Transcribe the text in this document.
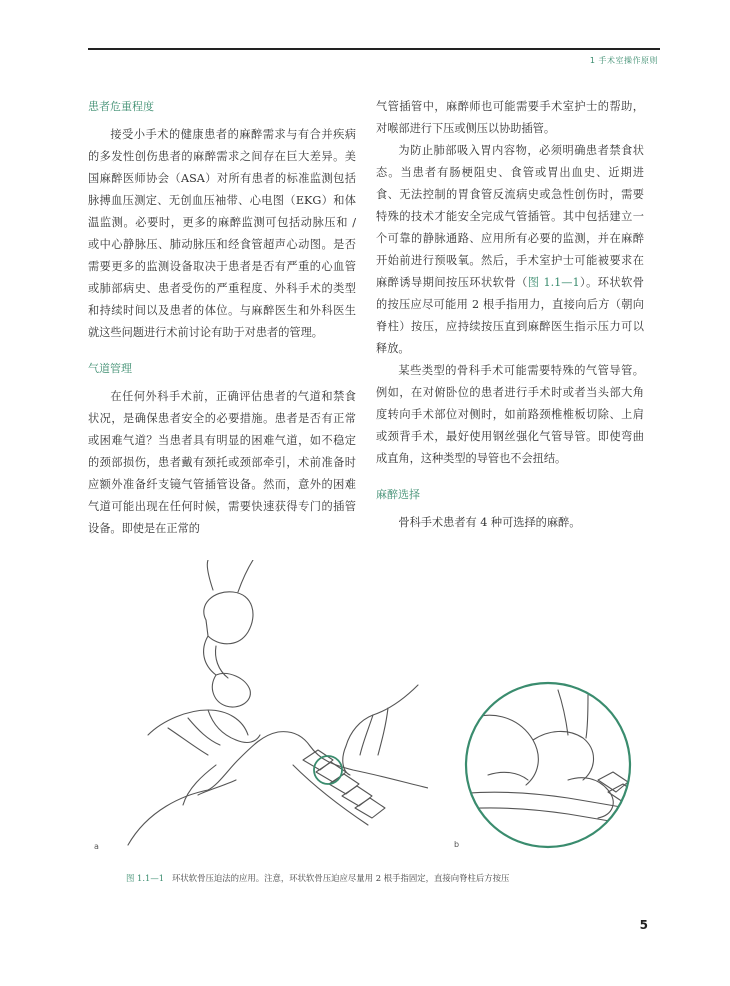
1 手术室操作原则
患者危重程度

接受小手术的健康患者的麻醉需求与有合并疾病的多发性创伤患者的麻醉需求之间存在巨大差异。美国麻醉医师协会（ASA）对所有患者的标准监测包括脉搏血压测定、无创血压袖带、心电图（EKG）和体温监测。必要时，更多的麻醉监测可包括动脉压和 / 或中心静脉压、肺动脉压和经食管超声心动图。是否需要更多的监测设备取决于患者是否有严重的心血管或肺部病史、患者受伤的严重程度、外科手术的类型和持续时间以及患者的体位。与麻醉医生和外科医生就这些问题进行术前讨论有助于对患者的管理。

气道管理

在任何外科手术前，正确评估患者的气道和禁食状况，是确保患者安全的必要措施。患者是否有正常或困难气道？当患者具有明显的困难气道，如不稳定的颈部损伤，患者戴有颈托或颈部牵引，术前准备时应额外准备纤支镜气管插管设备。然而，意外的困难气道可能出现在任何时候，需要快速获得专门的插管设备。即使是在正常的

气管插管中，麻醉师也可能需要手术室护士的帮助，对喉部进行下压或侧压以协助插管。

为防止肺部吸入胃内容物，必须明确患者禁食状态。当患者有肠梗阻史、食管或胃出血史、近期进食、无法控制的胃食管反流病史或急性创伤时，需要特殊的技术才能安全完成气管插管。其中包括建立一个可靠的静脉通路、应用所有必要的监测，并在麻醉开始前进行预吸氧。然后，手术室护士可能被要求在麻醉诱导期间按压环状软骨（图 1.1—1）。环状软骨的按压应尽可能用 2 根手指用力，直接向后方（朝向脊柱）按压，应持续按压直到麻醉医生指示压力可以释放。

某些类型的骨科手术可能需要特殊的气管导管。例如，在对俯卧位的患者进行手术时或者当头部大角度转向手术部位对侧时，如前路颈椎椎板切除、上肩或颈背手术，最好使用钢丝强化气管导管。即使弯曲成直角，这种类型的导管也不会扭结。

麻醉选择

骨科手术患者有 4 种可选择的麻醉。

a	b
图 1.1—1 环状软骨压迫法的应用。注意，环状软骨压迫应尽量用 2 根手指固定，直接向脊柱后方按压
5
